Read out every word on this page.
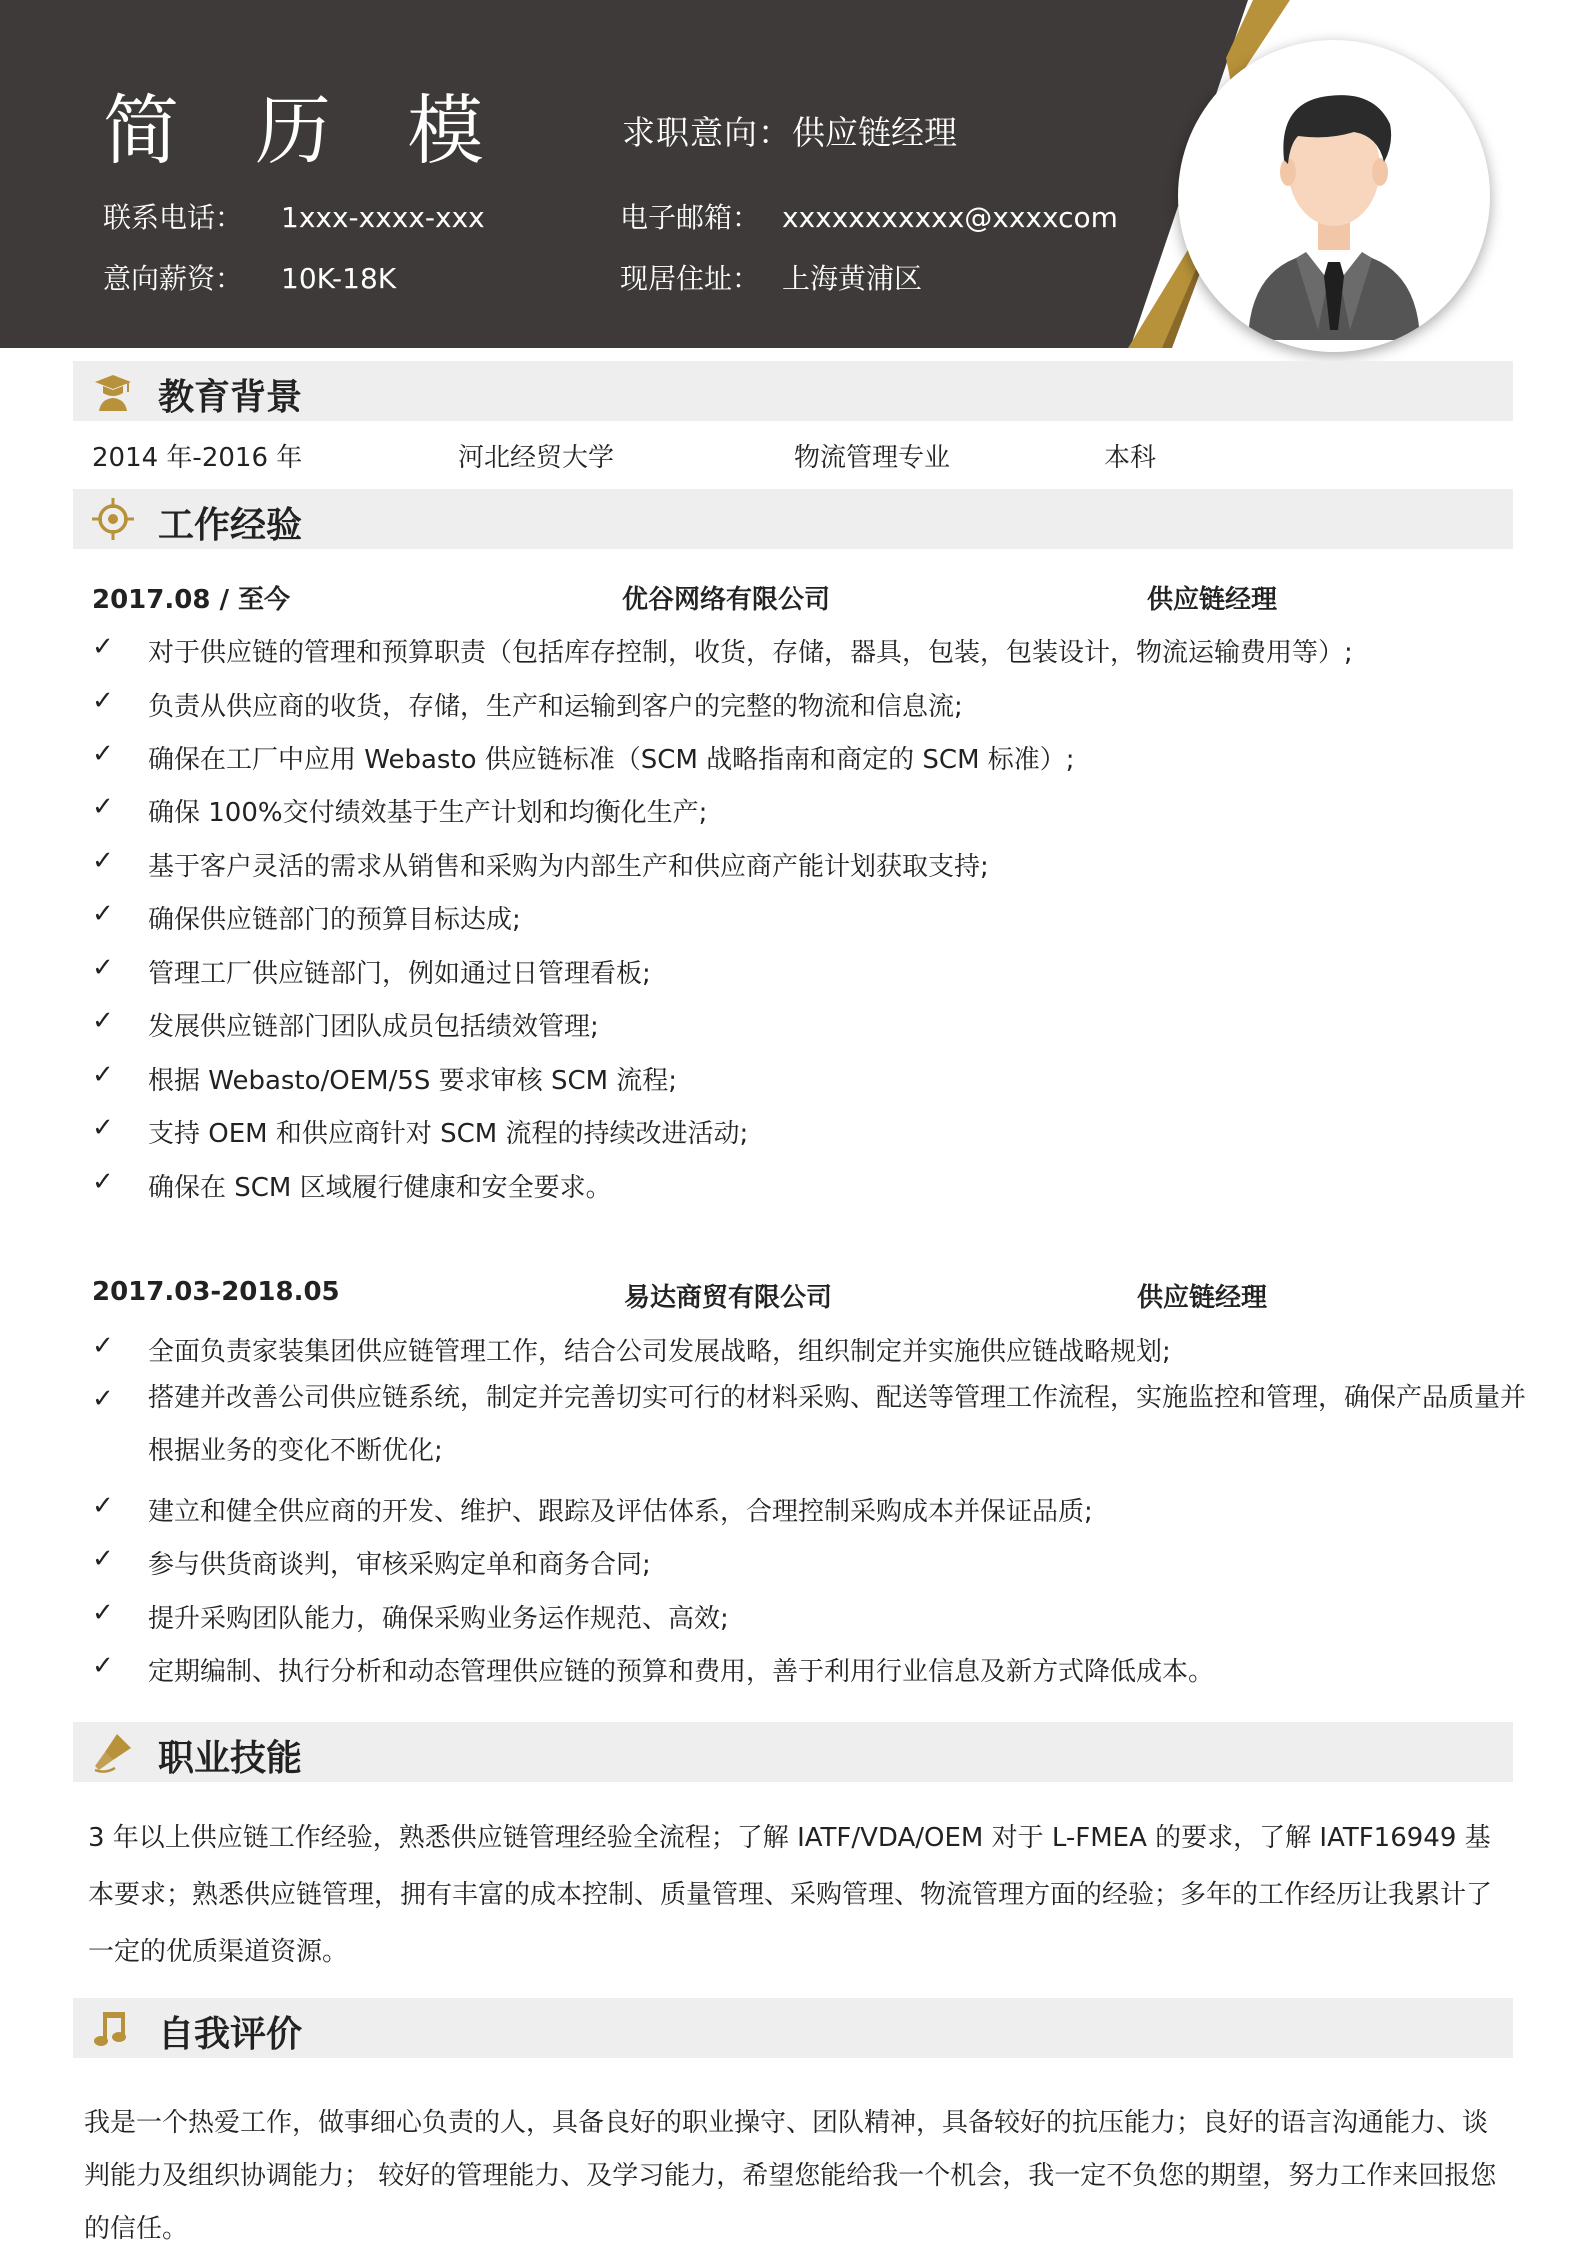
简 历 模	求职意向：供应链经理
联系电话： 1xxx-xxxx-xxx	电子邮箱： xxxxxxxxxxx@xxxxcom
意向薪资： 10K-18K	现居住址： 上海黄浦区
教育背景
2014 年-2016 年	河北经贸大学	物流管理专业	本科
工作经验
2017.08 / 至今	优谷网络有限公司	供应链经理
✓ 对于供应链的管理和预算职责（包括库存控制，收货，存储，器具，包装，包装设计，物流运输费用等）;
✓ 负责从供应商的收货，存储，生产和运输到客户的完整的物流和信息流;
✓ 确保在工厂中应用 Webasto 供应链标准（SCM 战略指南和商定的 SCM 标准）;
✓ 确保 100%交付绩效基于生产计划和均衡化生产;
✓ 基于客户灵活的需求从销售和采购为内部生产和供应商产能计划获取支持;
✓ 确保供应链部门的预算目标达成;
✓ 管理工厂供应链部门，例如通过日管理看板;
✓ 发展供应链部门团队成员包括绩效管理;
✓ 根据 Webasto/OEM/5S 要求审核 SCM 流程;
✓ 支持 OEM 和供应商针对 SCM 流程的持续改进活动;
✓ 确保在 SCM 区域履行健康和安全要求。
2017.03-2018.05	易达商贸有限公司	供应链经理
✓ 全面负责家装集团供应链管理工作，结合公司发展战略，组织制定并实施供应链战略规划;
✓ 搭建并改善公司供应链系统，制定并完善切实可行的材料采购、配送等管理工作流程，实施监控和管理，确保产品质量并根据业务的变化不断优化;
✓ 建立和健全供应商的开发、维护、跟踪及评估体系，合理控制采购成本并保证品质;
✓ 参与供货商谈判，审核采购定单和商务合同;
✓ 提升采购团队能力，确保采购业务运作规范、高效;
✓ 定期编制、执行分析和动态管理供应链的预算和费用，善于利用行业信息及新方式降低成本。
职业技能
3 年以上供应链工作经验，熟悉供应链管理经验全流程；了解 IATF/VDA/OEM 对于 L-FMEA 的要求，了解 IATF16949 基本要求；熟悉供应链管理，拥有丰富的成本控制、质量管理、采购管理、物流管理方面的经验；多年的工作经历让我累计了一定的优质渠道资源。
自我评价
我是一个热爱工作，做事细心负责的人，具备良好的职业操守、团队精神，具备较好的抗压能力；良好的语言沟通能力、谈判能力及组织协调能力； 较好的管理能力、及学习能力，希望您能给我一个机会，我一定不负您的期望，努力工作来回报您的信任。
